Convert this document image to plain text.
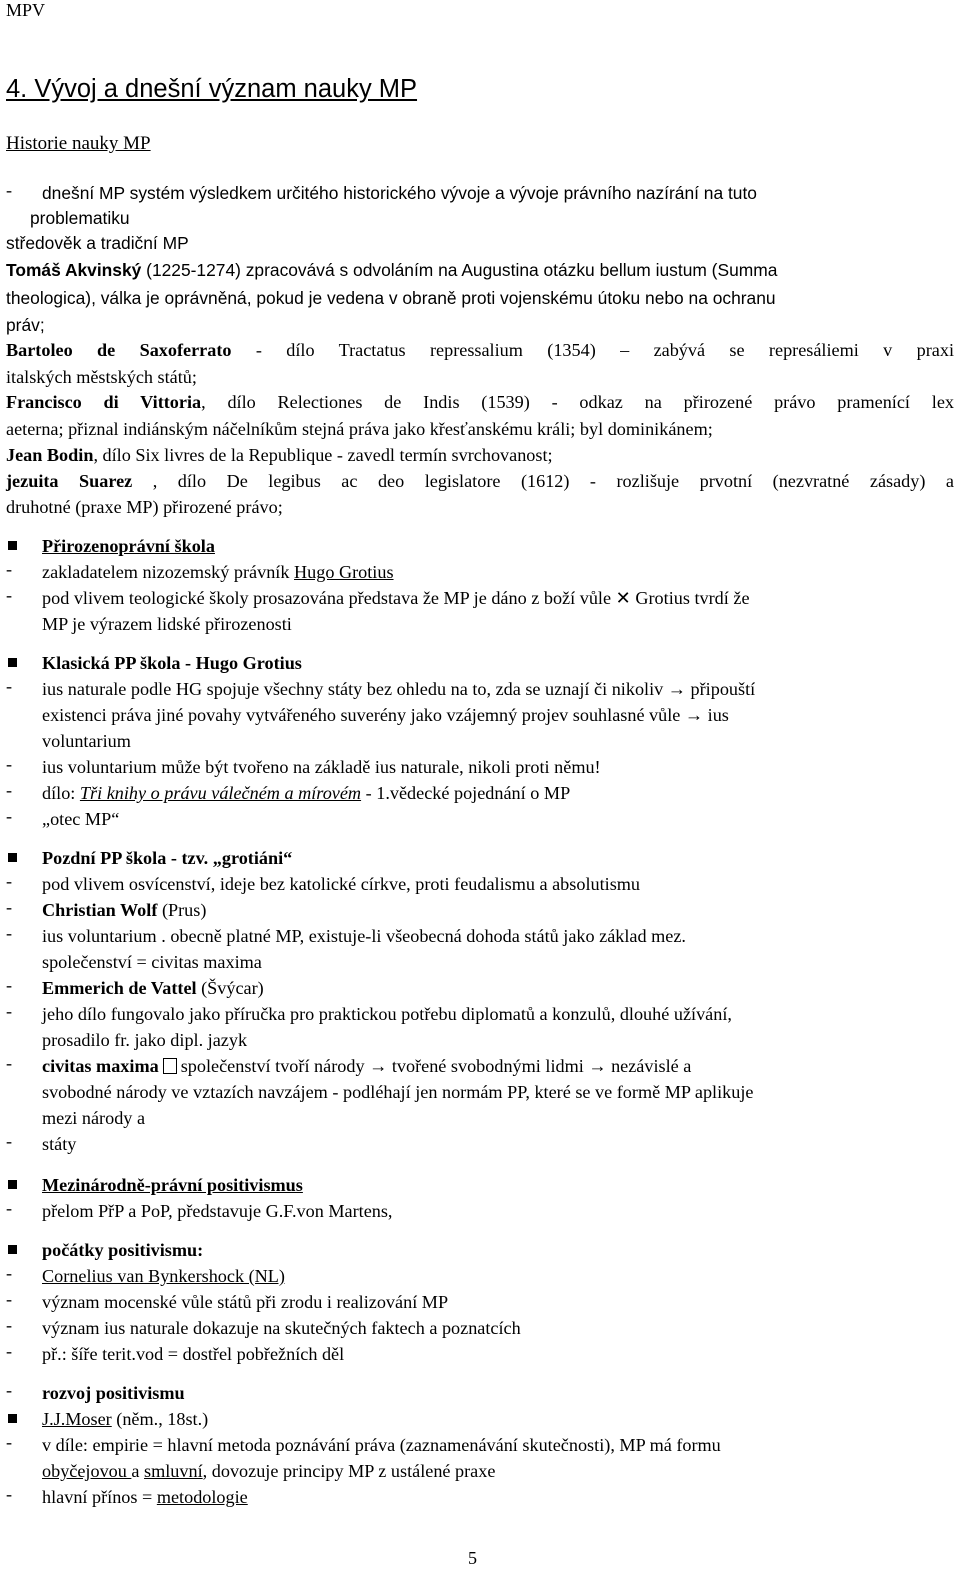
MPV
4. Vývoj a dnešní význam nauky MP
Historie nauky MP
- dnešní MP systém výsledkem určitého historického vývoje a vývoje právního nazírání na tuto
problematiku
středověk a tradiční MP
Tomáš Akvinský (1225-1274) zpracovává s odvoláním na Augustina otázku bellum iustum (Summa
theologica), válka je oprávněná, pokud je vedena v obraně proti vojenskému útoku nebo na ochranu
práv;
Bartoleo de Saxoferrato - dílo Tractatus repressalium (1354) – zabývá se represáliemi v praxi
italských městských států;
Francisco di Vittoria, dílo Relectiones de Indis (1539) - odkaz na přirozené právo pramenící lex
aeterna; přiznal indiánským náčelníkům stejná práva jako křesťanskému králi; byl dominikánem;
Jean Bodin, dílo Six livres de la Republique - zavedl termín svrchovanost;
jezuita Suarez , dílo De legibus ac deo legislatore (1612) - rozlišuje prvotní (nezvratné zásady) a
druhotné (praxe MP) přirozené právo;
Přirozenoprávní škola
- zakladatelem nizozemský právník Hugo Grotius
- pod vlivem teologické školy prosazována představa že MP je dáno z boží vůle ✕ Grotius tvrdí že
MP je výrazem lidské přirozenosti
Klasická PP škola - Hugo Grotius
- ius naturale podle HG spojuje všechny státy bez ohledu na to, zda se uznají či nikoliv → připouští
existenci práva jiné povahy vytvářeného suverény jako vzájemný projev souhlasné vůle → ius
voluntarium
- ius voluntarium může být tvořeno na základě ius naturale, nikoli proti němu!
- dílo: Tři knihy o právu válečném a mírovém - 1.vědecké pojednání o MP
- „otec MP“
Pozdní PP škola - tzv. „grotiáni“
- pod vlivem osvícenství, ideje bez katolické církve, proti feudalismu a absolutismu
- Christian Wolf (Prus)
- ius voluntarium . obecně platné MP, existuje-li všeobecná dohoda států jako základ mez.
společenství = civitas maxima
- Emmerich de Vattel (Švýcar)
- jeho dílo fungovalo jako příručka pro praktickou potřebu diplomatů a konzulů, dlouhé užívání,
prosadilo fr. jako dipl. jazyk
- civitas maxima společenství tvoří národy → tvořené svobodnými lidmi → nezávislé a
svobodné národy ve vztazích navzájem - podléhají jen normám PP, které se ve formě MP aplikuje
mezi národy a
- státy
Mezinárodně-právní positivismus
- přelom PřP a PoP, představuje G.F.von Martens,
počátky positivismu:
- Cornelius van Bynkershock (NL)
- význam mocenské vůle států při zrodu i realizování MP
- význam ius naturale dokazuje na skutečných faktech a poznatcích
- př.: šíře terit.vod = dostřel pobřežních děl
- rozvoj positivismu
J.J.Moser (něm., 18st.)
- v díle: empirie = hlavní metoda poznávání práva (zaznamenávání skutečnosti), MP má formu
obyčejovou a smluvní, dovozuje principy MP z ustálené praxe
- hlavní přínos = metodologie
5
